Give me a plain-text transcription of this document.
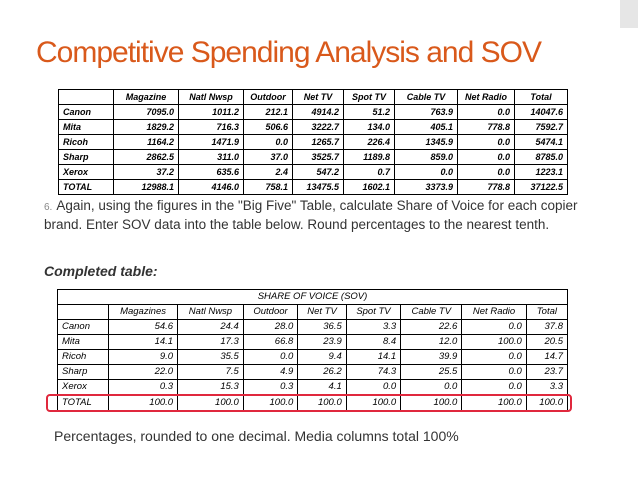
Competitive Spending Analysis and SOV
	Magazine	Natl Nwsp	Outdoor	Net TV	Spot TV	Cable TV	Net Radio	Total
Canon	7095.0	1011.2	212.1	4914.2	51.2	763.9	0.0	14047.6
Mita	1829.2	716.3	506.6	3222.7	134.0	405.1	778.8	7592.7
Ricoh	1164.2	1471.9	0.0	1265.7	226.4	1345.9	0.0	5474.1
Sharp	2862.5	311.0	37.0	3525.7	1189.8	859.0	0.0	8785.0
Xerox	37.2	635.6	2.4	547.2	0.7	0.0	0.0	1223.1
TOTAL	12988.1	4146.0	758.1	13475.5	1602.1	3373.9	778.8	37122.5

6. Again, using the figures in the "Big Five" Table, calculate Share of Voice for each copier brand. Enter SOV data into the table below. Round percentages to the nearest tenth.

Completed table:

SHARE OF VOICE (SOV)								
	Magazines	Natl Nwsp	Outdoor	Net TV	Spot TV	Cable TV	Net Radio	Total
Canon	54.6	24.4	28.0	36.5	3.3	22.6	0.0	37.8
Mita	14.1	17.3	66.8	23.9	8.4	12.0	100.0	20.5
Ricoh	9.0	35.5	0.0	9.4	14.1	39.9	0.0	14.7
Sharp	22.0	7.5	4.9	26.2	74.3	25.5	0.0	23.7
Xerox	0.3	15.3	0.3	4.1	0.0	0.0	0.0	3.3
TOTAL	100.0	100.0	100.0	100.0	100.0	100.0	100.0	100.0

Percentages, rounded to one decimal. Media columns total 100%
